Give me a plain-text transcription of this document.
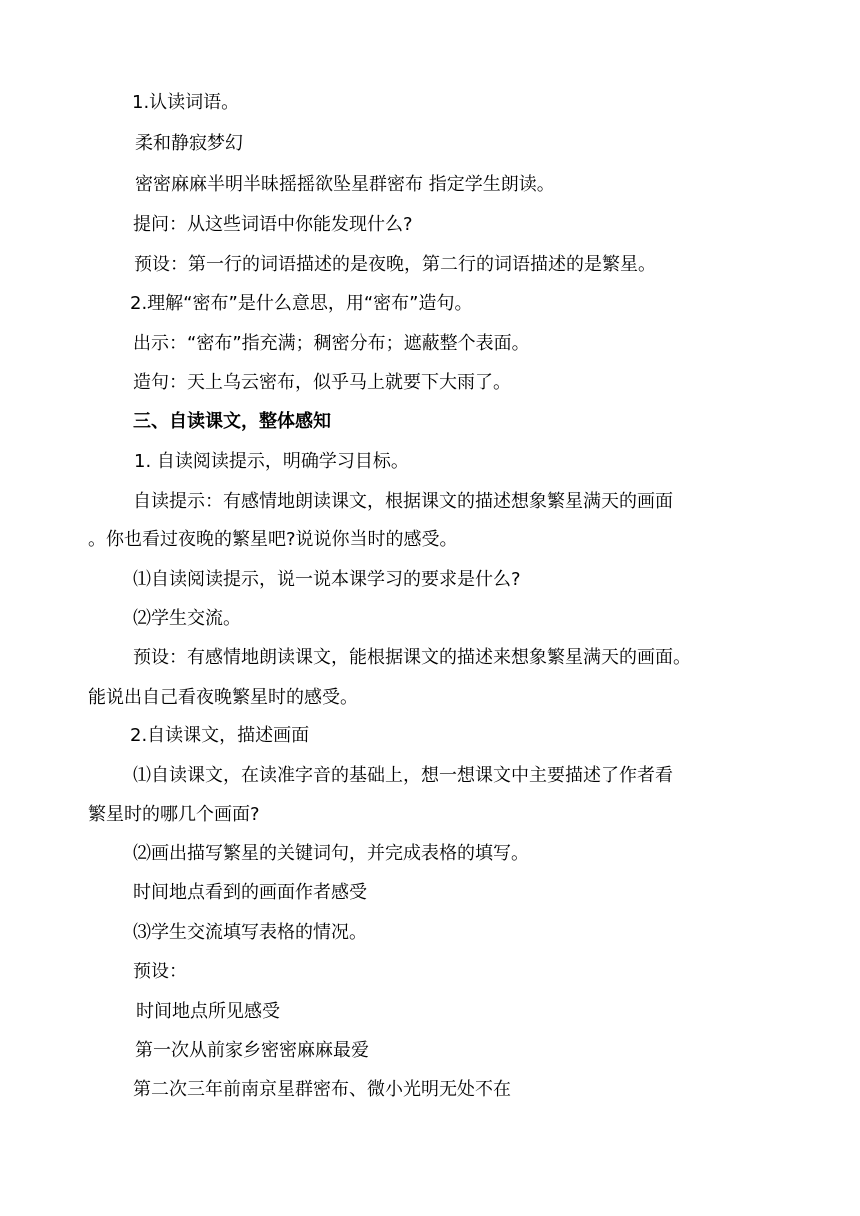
1.认读词语。
柔和静寂梦幻
密密麻麻半明半昧摇摇欲坠星群密布 指定学生朗读。
提问：从这些词语中你能发现什么?
预设：第一行的词语描述的是夜晚，第二行的词语描述的是繁星。
2.理解“密布”是什么意思，用“密布”造句。
出示：“密布”指充满；稠密分布；遮蔽整个表面。
造句：天上乌云密布，似乎马上就要下大雨了。
三、自读课文，整体感知
1. 自读阅读提示，明确学习目标。
自读提示：有感情地朗读课文，根据课文的描述想象繁星满天的画面
。你也看过夜晚的繁星吧?说说你当时的感受。
⑴自读阅读提示，说一说本课学习的要求是什么?
⑵学生交流。
预设：有感情地朗读课文，能根据课文的描述来想象繁星满天的画面。
能说出自己看夜晚繁星时的感受。
2.自读课文，描述画面
⑴自读课文，在读准字音的基础上，想一想课文中主要描述了作者看
繁星时的哪几个画面?
⑵画出描写繁星的关键词句，并完成表格的填写。
时间地点看到的画面作者感受
⑶学生交流填写表格的情况。
预设：
时间地点所见感受
第一次从前家乡密密麻麻最爱
第二次三年前南京星群密布、微小光明无处不在
